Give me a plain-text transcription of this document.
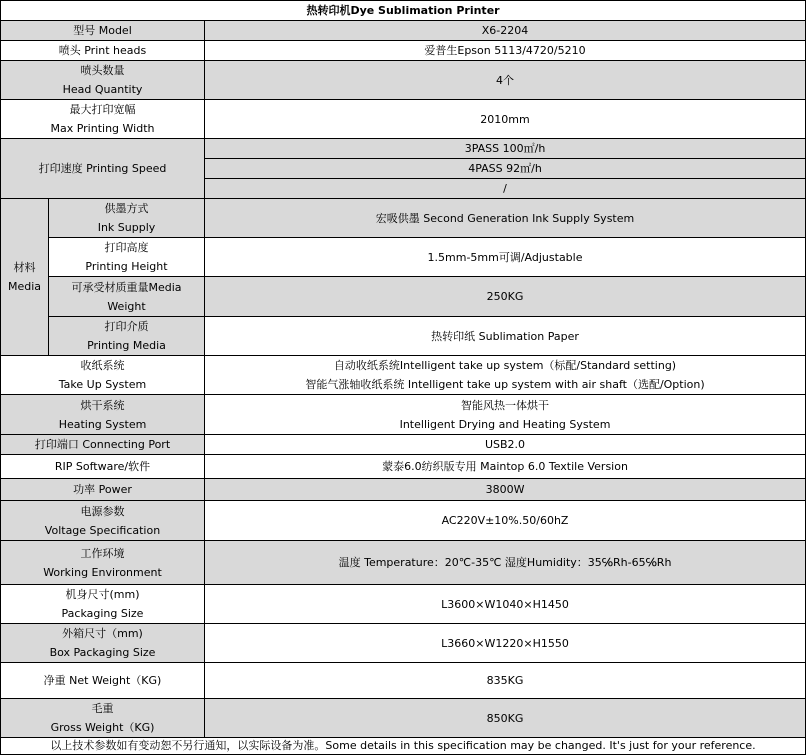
热转印机Dye Sublimation Printer		
型号 Model		X6-2204
喷头 Print heads		爱普生Epson 5113/4720/5210

喷头数量
Head Quantity		4个

最大打印宽幅
Max Printing Width		2010mm
打印速度 Printing Speed		3PASS 100㎡/h
		4PASS 92㎡/h
		/

材料
Media	供墨方式
Ink Supply	宏吸供墨 Second Generation Ink Supply System

	打印高度
Printing Height	1.5mm-5mm可调/Adjustable

	可承受材质重量Media
Weight	250KG

	打印介质
Printing Media	热转印纸 Sublimation Paper

收纸系统
Take Up System		自动收纸系统Intelligent take up system（标配/Standard setting)
智能气涨轴收纸系统 Intelligent take up system with air shaft（选配/Option)

烘干系统
Heating System		智能风热一体烘干
Intelligent Drying and Heating System

打印端口 Connecting Port		USB2.0
RIP Software/软件		蒙泰6.0纺织版专用 Maintop 6.0 Textile Version
功率 Power		3800W

电源参数
Voltage Specification		AC220V±10%.50/60hZ

工作环境
Working Environment		温度 Temperature：20℃-35℃ 湿度Humidity：35℅Rh-65℅Rh

机身尺寸(mm)
Packaging Size		L3600×W1040×H1450

外箱尺寸（mm)
Box Packaging Size		L3660×W1220×H1550
净重 Net Weight（KG)		835KG

毛重
Gross Weight（KG)		850KG
以上技术参数如有变动恕不另行通知，以实际设备为准。Some details in this specification may be changed. It's just for your reference.		
